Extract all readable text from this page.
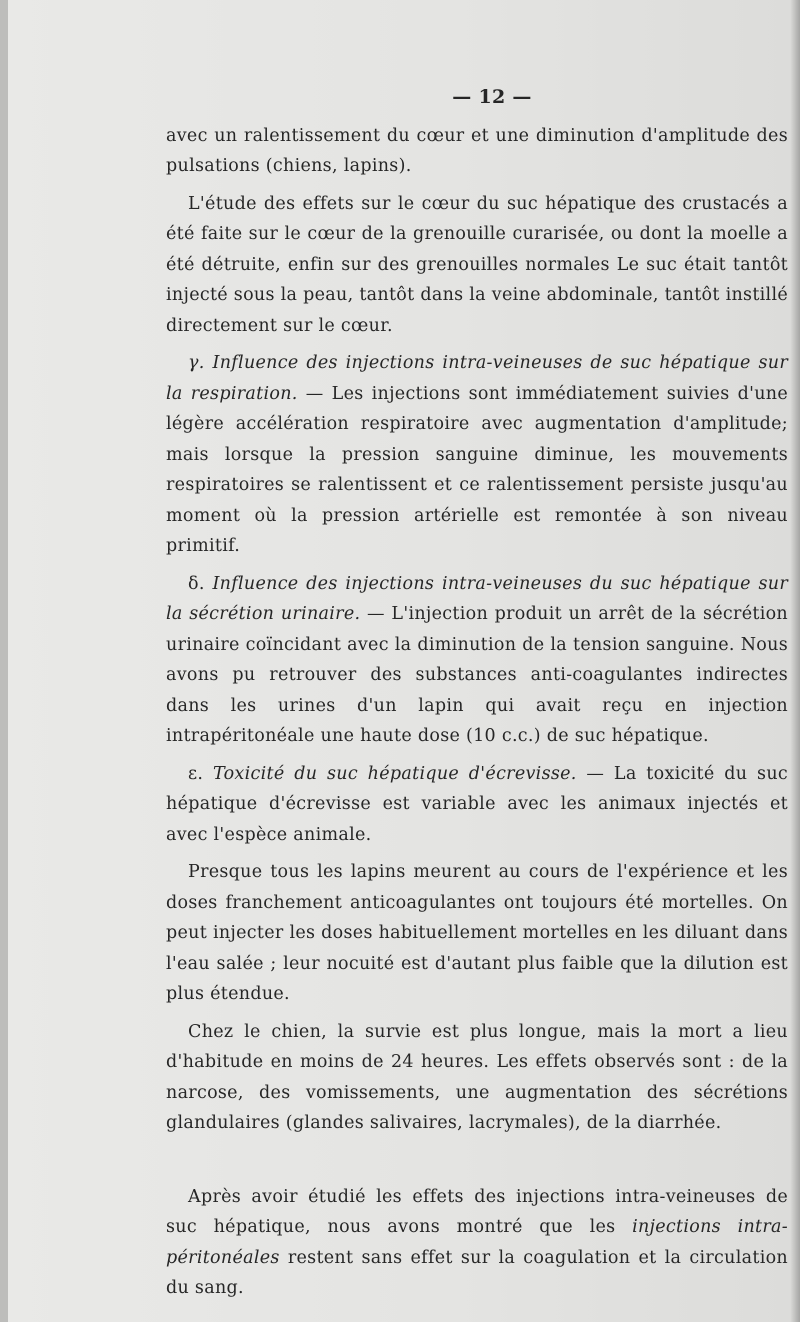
— 12 —

avec un ralentissement du cœur et une diminution d'amplitude des pulsations (chiens, lapins).

L'étude des effets sur le cœur du suc hépatique des crustacés a été faite sur le cœur de la grenouille curarisée, ou dont la moelle a été détruite, enfin sur des grenouilles normales Le suc était tantôt injecté sous la peau, tantôt dans la veine abdominale, tantôt instillé directement sur le cœur.

γ. Influence des injections intra-veineuses de suc hépatique sur la respiration. — Les injections sont immédiatement suivies d'une légère accélération respiratoire avec augmentation d'amplitude; mais lorsque la pression sanguine diminue, les mouvements respiratoires se ralentissent et ce ralentissement persiste jusqu'au moment où la pression artérielle est remontée à son niveau primitif.

δ. Influence des injections intra-veineuses du suc hépatique sur la sécrétion urinaire. — L'injection produit un arrêt de la sécrétion urinaire coïncidant avec la diminution de la tension sanguine. Nous avons pu retrouver des substances anti-coagulantes indirectes dans les urines d'un lapin qui avait reçu en injection intrapéritonéale une haute dose (10 c.c.) de suc hépatique.

ε. Toxicité du suc hépatique d'écrevisse. — La toxicité du suc hépatique d'écrevisse est variable avec les animaux injectés et avec l'espèce animale.

Presque tous les lapins meurent au cours de l'expérience et les doses franchement anticoagulantes ont toujours été mortelles. On peut injecter les doses habituellement mortelles en les diluant dans l'eau salée ; leur nocuité est d'autant plus faible que la dilution est plus étendue.

Chez le chien, la survie est plus longue, mais la mort a lieu d'habitude en moins de 24 heures. Les effets observés sont : de la narcose, des vomissements, une augmentation des sécrétions glandulaires (glandes salivaires, lacrymales), de la diarrhée.

Après avoir étudié les effets des injections intra-veineuses de suc hépatique, nous avons montré que les injections intra-péritonéales restent sans effet sur la coagulation et la circulation du sang.
